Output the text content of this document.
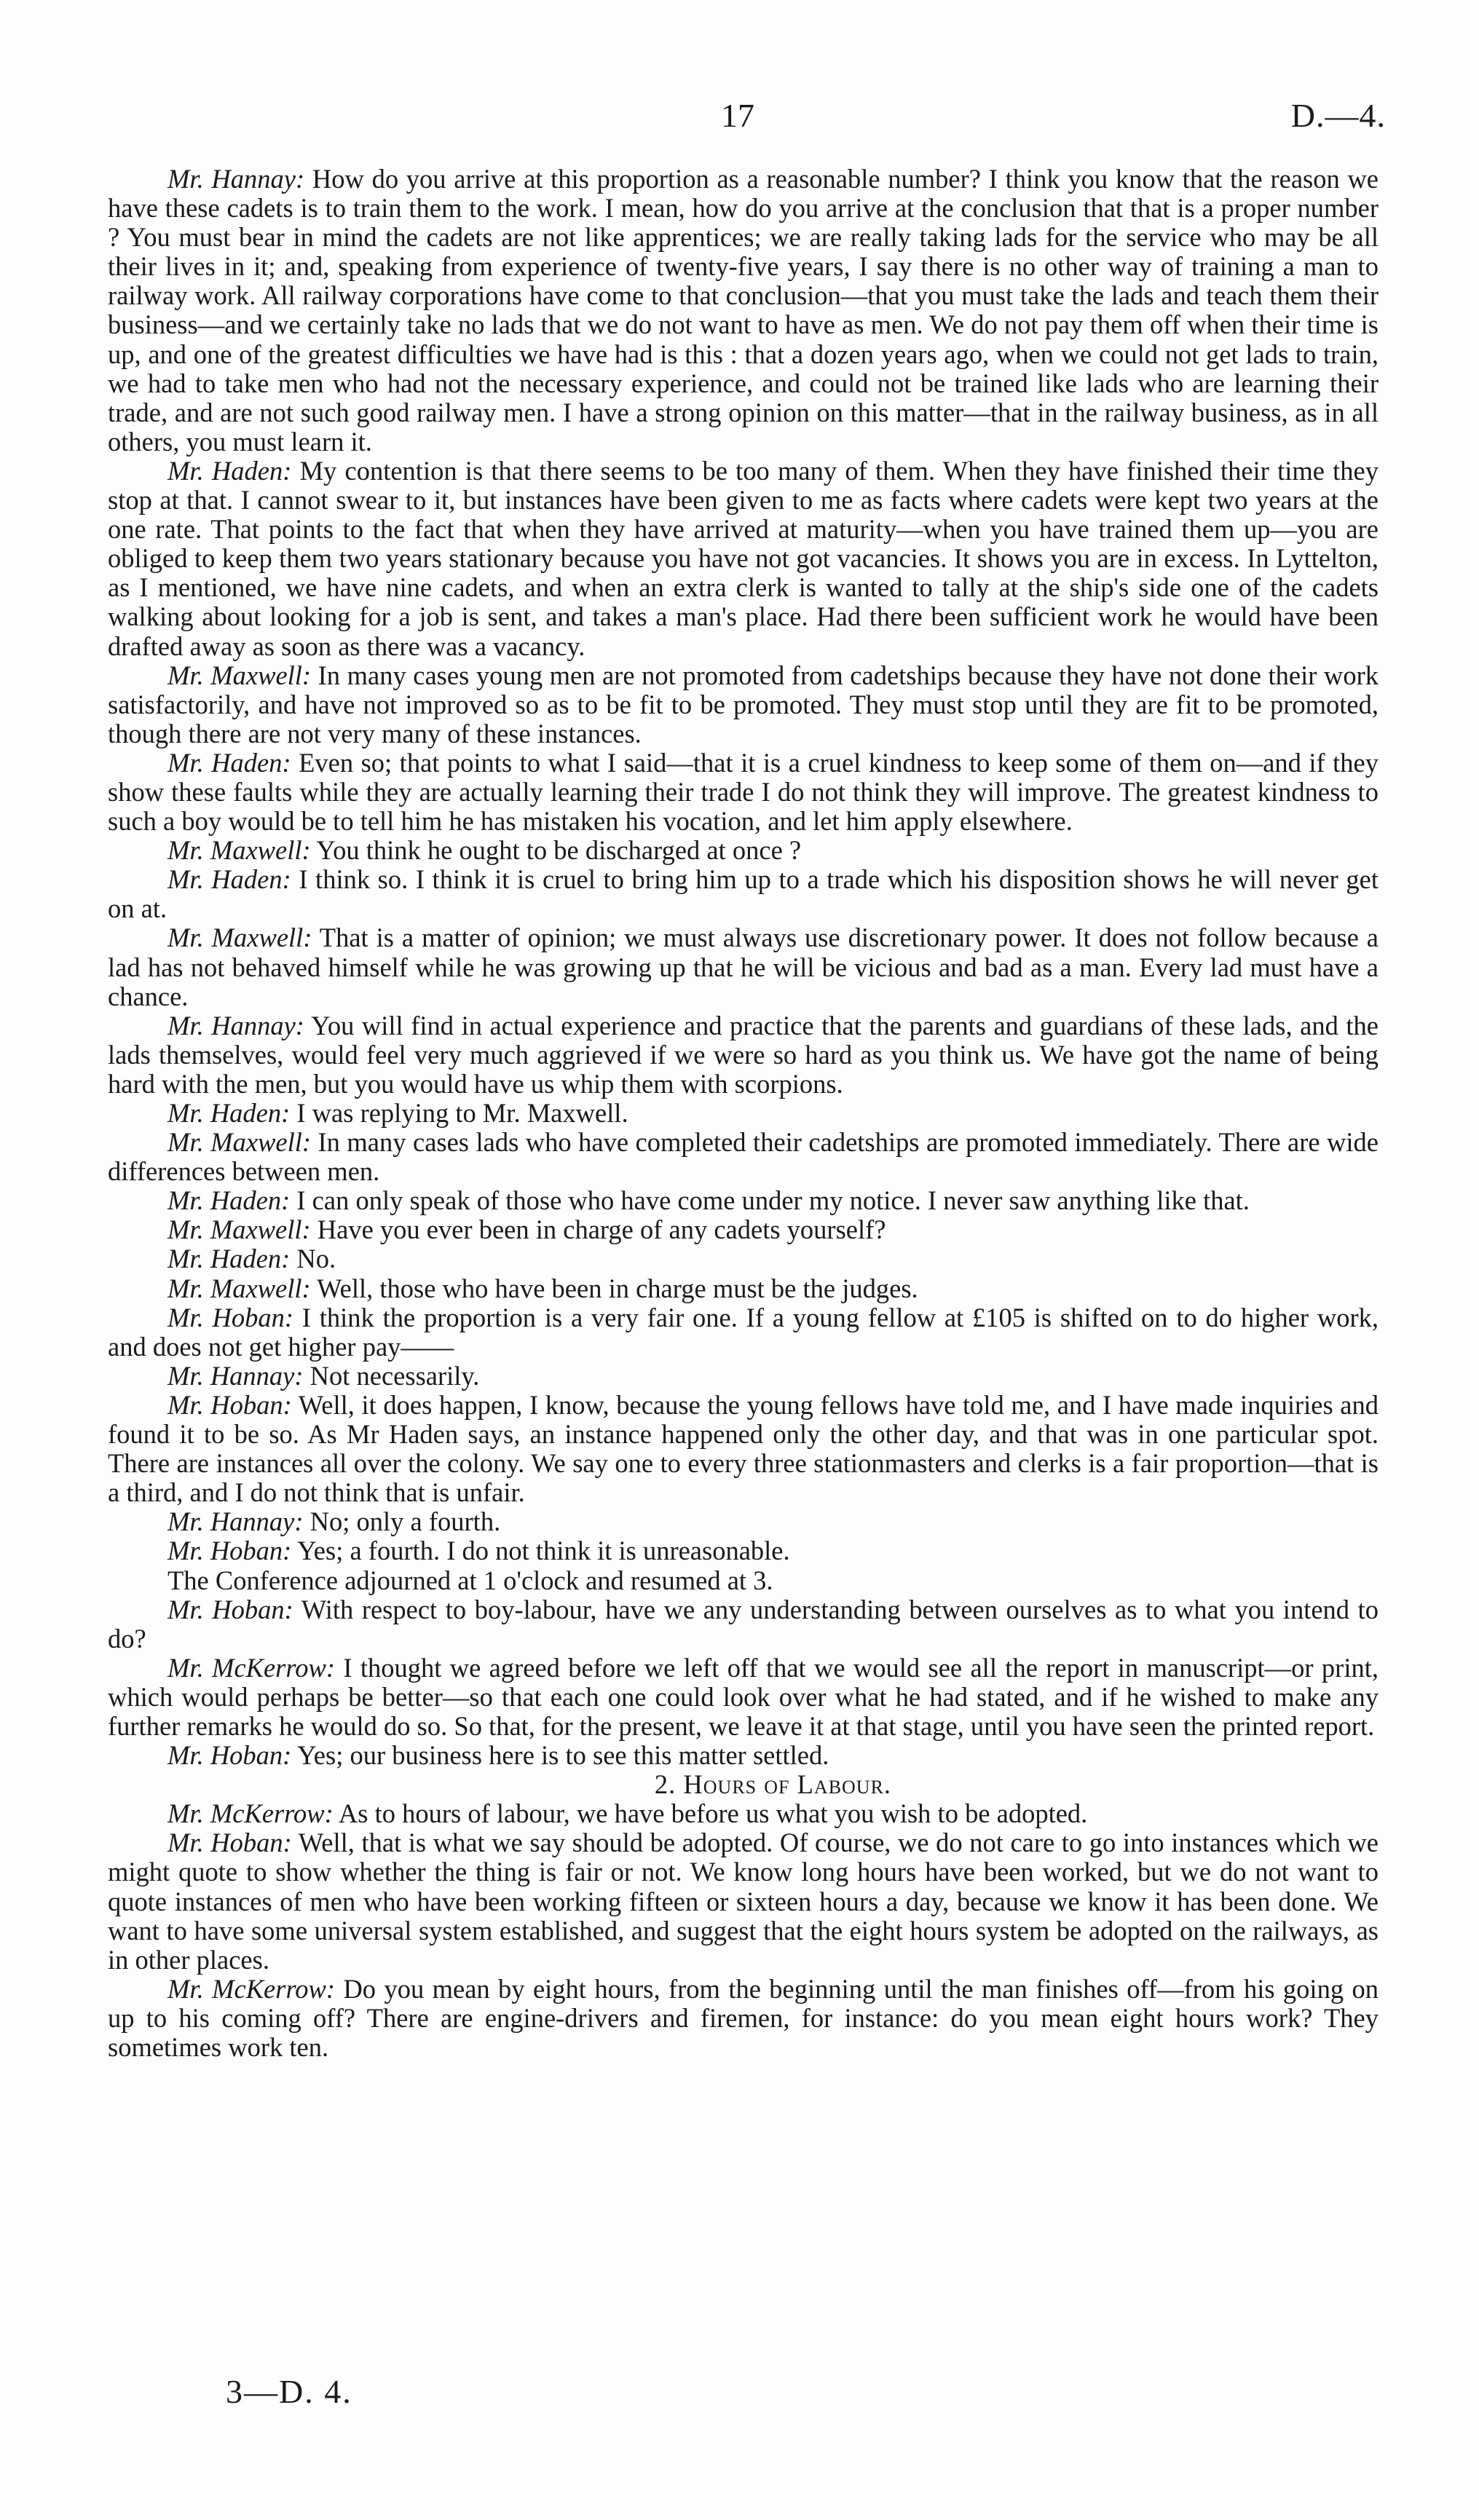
17	D.—4.

Mr. Hannay: How do you arrive at this proportion as a reasonable number? I think you know that the reason we have these cadets is to train them to the work. I mean, how do you arrive at the conclusion that that is a proper number ? You must bear in mind the cadets are not like apprentices; we are really taking lads for the service who may be all their lives in it; and, speaking from experience of twenty-five years, I say there is no other way of training a man to railway work. All railway corporations have come to that conclusion—that you must take the lads and teach them their business—and we certainly take no lads that we do not want to have as men. We do not pay them off when their time is up, and one of the greatest difficulties we have had is this : that a dozen years ago, when we could not get lads to train, we had to take men who had not the necessary experience, and could not be trained like lads who are learning their trade, and are not such good railway men. I have a strong opinion on this matter—that in the railway business, as in all others, you must learn it.

Mr. Haden: My contention is that there seems to be too many of them. When they have finished their time they stop at that. I cannot swear to it, but instances have been given to me as facts where cadets were kept two years at the one rate. That points to the fact that when they have arrived at maturity—when you have trained them up—you are obliged to keep them two years stationary because you have not got vacancies. It shows you are in excess. In Lyttelton, as I mentioned, we have nine cadets, and when an extra clerk is wanted to tally at the ship's side one of the cadets walking about looking for a job is sent, and takes a man's place. Had there been sufficient work he would have been drafted away as soon as there was a vacancy.

Mr. Maxwell: In many cases young men are not promoted from cadetships because they have not done their work satisfactorily, and have not improved so as to be fit to be promoted. They must stop until they are fit to be promoted, though there are not very many of these instances.

Mr. Haden: Even so; that points to what I said—that it is a cruel kindness to keep some of them on—and if they show these faults while they are actually learning their trade I do not think they will improve. The greatest kindness to such a boy would be to tell him he has mistaken his vocation, and let him apply elsewhere.

Mr. Maxwell: You think he ought to be discharged at once ?

Mr. Haden: I think so. I think it is cruel to bring him up to a trade which his disposition shows he will never get on at.

Mr. Maxwell: That is a matter of opinion; we must always use discretionary power. It does not follow because a lad has not behaved himself while he was growing up that he will be vicious and bad as a man. Every lad must have a chance.

Mr. Hannay: You will find in actual experience and practice that the parents and guardians of these lads, and the lads themselves, would feel very much aggrieved if we were so hard as you think us. We have got the name of being hard with the men, but you would have us whip them with scorpions.

Mr. Haden: I was replying to Mr. Maxwell.

Mr. Maxwell: In many cases lads who have completed their cadetships are promoted immediately. There are wide differences between men.

Mr. Haden: I can only speak of those who have come under my notice. I never saw anything like that.

Mr. Maxwell: Have you ever been in charge of any cadets yourself?

Mr. Haden: No.

Mr. Maxwell: Well, those who have been in charge must be the judges.

Mr. Hoban: I think the proportion is a very fair one. If a young fellow at £105 is shifted on to do higher work, and does not get higher pay——

Mr. Hannay: Not necessarily.

Mr. Hoban: Well, it does happen, I know, because the young fellows have told me, and I have made inquiries and found it to be so. As Mr Haden says, an instance happened only the other day, and that was in one particular spot. There are instances all over the colony. We say one to every three stationmasters and clerks is a fair proportion—that is a third, and I do not think that is unfair.

Mr. Hannay: No; only a fourth.

Mr. Hoban: Yes; a fourth. I do not think it is unreasonable.

The Conference adjourned at 1 o'clock and resumed at 3.

Mr. Hoban: With respect to boy-labour, have we any understanding between ourselves as to what you intend to do?

Mr. McKerrow: I thought we agreed before we left off that we would see all the report in manuscript—or print, which would perhaps be better—so that each one could look over what he had stated, and if he wished to make any further remarks he would do so. So that, for the present, we leave it at that stage, until you have seen the printed report.

Mr. Hoban: Yes; our business here is to see this matter settled.

2. Hours of Labour.

Mr. McKerrow: As to hours of labour, we have before us what you wish to be adopted.

Mr. Hoban: Well, that is what we say should be adopted. Of course, we do not care to go into instances which we might quote to show whether the thing is fair or not. We know long hours have been worked, but we do not want to quote instances of men who have been working fifteen or sixteen hours a day, because we know it has been done. We want to have some universal system established, and suggest that the eight hours system be adopted on the railways, as in other places.

Mr. McKerrow: Do you mean by eight hours, from the beginning until the man finishes off—from his going on up to his coming off? There are engine-drivers and firemen, for instance: do you mean eight hours work? They sometimes work ten.

3—D. 4.
